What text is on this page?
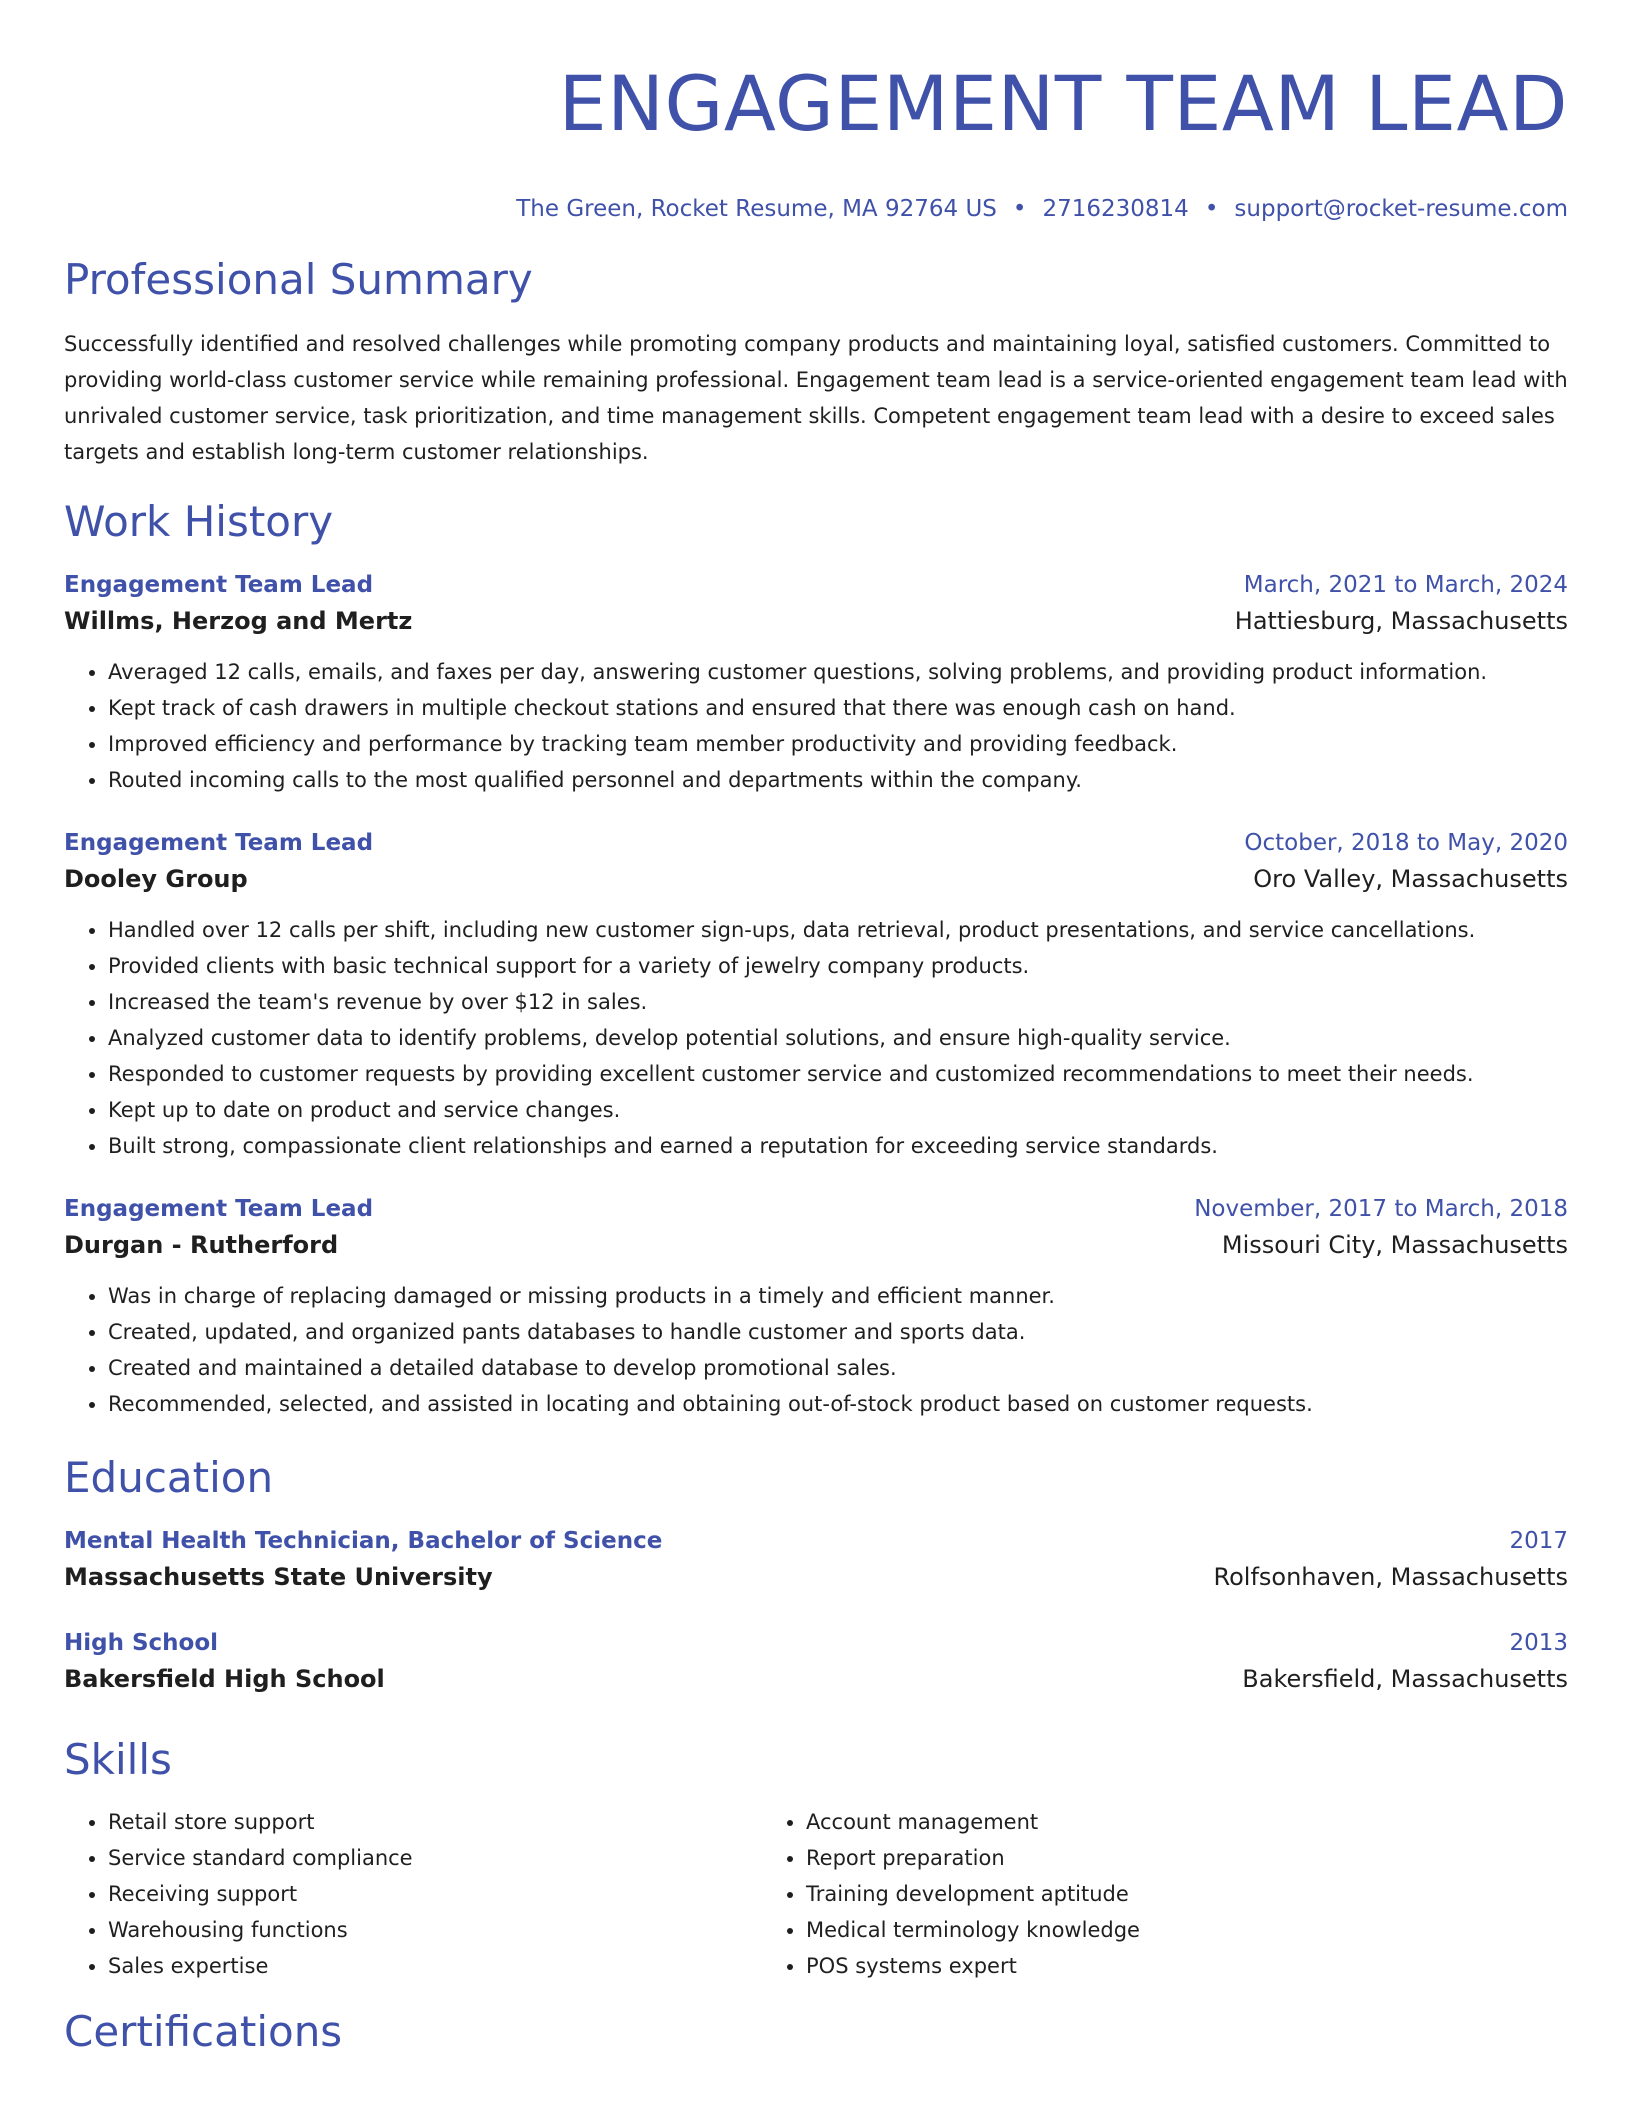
ENGAGEMENT TEAM LEAD
The Green, Rocket Resume, MA 92764 US • 2716230814 • support@rocket-resume.com
Professional Summary
Successfully identified and resolved challenges while promoting company products and maintaining loyal, satisfied customers. Committed to providing world-class customer service while remaining professional. Engagement team lead is a service-oriented engagement team lead with unrivaled customer service, task prioritization, and time management skills. Competent engagement team lead with a desire to exceed sales targets and establish long-term customer relationships.
Work History
Engagement Team Lead	March, 2021 to March, 2024
Willms, Herzog and Mertz	Hattiesburg, Massachusetts
• Averaged 12 calls, emails, and faxes per day, answering customer questions, solving problems, and providing product information.
• Kept track of cash drawers in multiple checkout stations and ensured that there was enough cash on hand.
• Improved efficiency and performance by tracking team member productivity and providing feedback.
• Routed incoming calls to the most qualified personnel and departments within the company.
Engagement Team Lead	October, 2018 to May, 2020
Dooley Group	Oro Valley, Massachusetts
• Handled over 12 calls per shift, including new customer sign-ups, data retrieval, product presentations, and service cancellations.
• Provided clients with basic technical support for a variety of jewelry company products.
• Increased the team's revenue by over $12 in sales.
• Analyzed customer data to identify problems, develop potential solutions, and ensure high-quality service.
• Responded to customer requests by providing excellent customer service and customized recommendations to meet their needs.
• Kept up to date on product and service changes.
• Built strong, compassionate client relationships and earned a reputation for exceeding service standards.
Engagement Team Lead	November, 2017 to March, 2018
Durgan - Rutherford	Missouri City, Massachusetts
• Was in charge of replacing damaged or missing products in a timely and efficient manner.
• Created, updated, and organized pants databases to handle customer and sports data.
• Created and maintained a detailed database to develop promotional sales.
• Recommended, selected, and assisted in locating and obtaining out-of-stock product based on customer requests.
Education
Mental Health Technician, Bachelor of Science	2017
Massachusetts State University	Rolfsonhaven, Massachusetts
High School	2013
Bakersfield High School	Bakersfield, Massachusetts
Skills
• Retail store support
• Service standard compliance
• Receiving support
• Warehousing functions
• Sales expertise
• Account management
• Report preparation
• Training development aptitude
• Medical terminology knowledge
• POS systems expert
Certifications
